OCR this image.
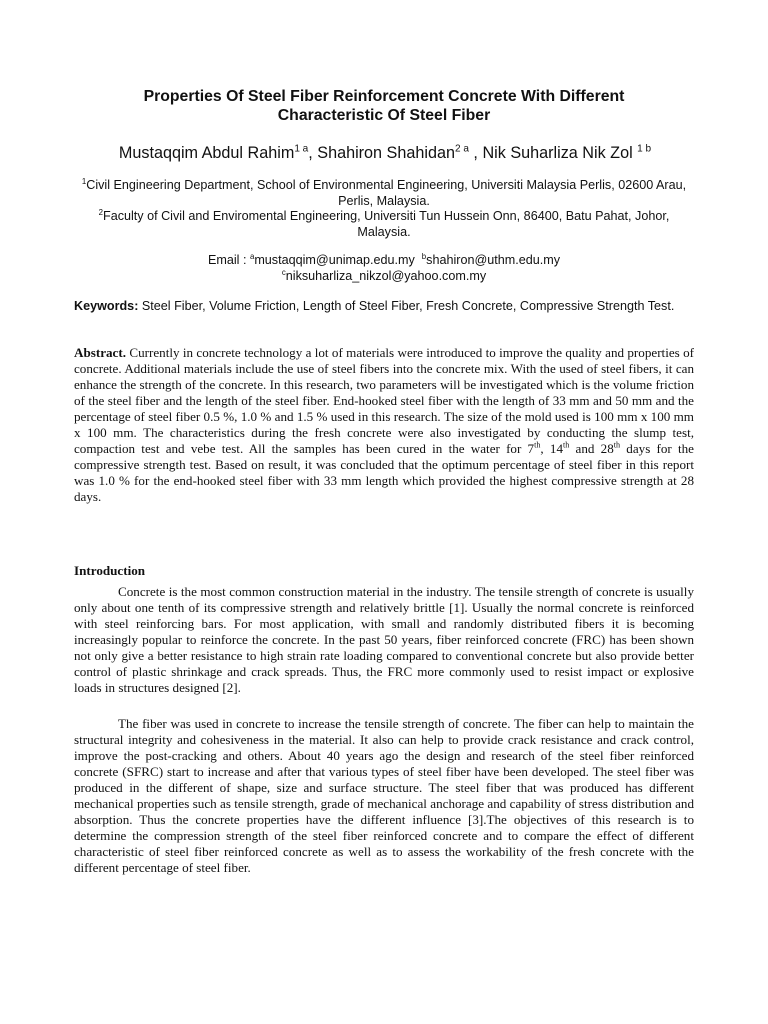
Properties Of Steel Fiber Reinforcement Concrete With Different
Characteristic Of Steel Fiber
Mustaqqim Abdul Rahim$^{1 a}$, Shahiron Shahidan$^{2 a}$ , Nik Suharliza Nik Zol $^{1 b}$
$^1$Civil Engineering Department, School of Environmental Engineering, Universiti Malaysia Perlis, 02600 Arau, Perlis, Malaysia.
$^2$Faculty of Civil and Enviromental Engineering, Universiti Tun Hussein Onn, 86400, Batu Pahat, Johor, Malaysia.
Email : $^a$mustaqqim@unimap.edu.my $^b$shahiron@uthm.edu.my
$^c$niksuharliza_nikzol@yahoo.com.my
Keywords: Steel Fiber, Volume Friction, Length of Steel Fiber, Fresh Concrete, Compressive Strength Test.
Abstract. Currently in concrete technology a lot of materials were introduced to improve the quality and properties of concrete. Additional materials include the use of steel fibers into the concrete mix. With the used of steel fibers, it can enhance the strength of the concrete. In this research, two parameters will be investigated which is the volume friction of the steel fiber and the length of the steel fiber. End-hooked steel fiber with the length of 33 mm and 50 mm and the percentage of steel fiber 0.5 %, 1.0 % and 1.5 % used in this research. The size of the mold used is 100 mm x 100 mm x 100 mm. The characteristics during the fresh concrete were also investigated by conducting the slump test, compaction test and vebe test. All the samples has been cured in the water for 7th, 14th and 28th days for the compressive strength test. Based on result, it was concluded that the optimum percentage of steel fiber in this report was 1.0 % for the end-hooked steel fiber with 33 mm length which provided the highest compressive strength at 28 days.
Introduction
Concrete is the most common construction material in the industry. The tensile strength of concrete is usually only about one tenth of its compressive strength and relatively brittle [1]. Usually the normal concrete is reinforced with steel reinforcing bars. For most application, with small and randomly distributed fibers it is becoming increasingly popular to reinforce the concrete. In the past 50 years, fiber reinforced concrete (FRC) has been shown not only give a better resistance to high strain rate loading compared to conventional concrete but also provide better control of plastic shrinkage and crack spreads. Thus, the FRC more commonly used to resist impact or explosive loads in structures designed [2].
The fiber was used in concrete to increase the tensile strength of concrete. The fiber can help to maintain the structural integrity and cohesiveness in the material. It also can help to provide crack resistance and crack control, improve the post-cracking and others. About 40 years ago the design and research of the steel fiber reinforced concrete (SFRC) start to increase and after that various types of steel fiber have been developed. The steel fiber was produced in the different of shape, size and surface structure. The steel fiber that was produced has different mechanical properties such as tensile strength, grade of mechanical anchorage and capability of stress distribution and absorption. Thus the concrete properties have the different influence [3].The objectives of this research is to determine the compression strength of the steel fiber reinforced concrete and to compare the effect of different characteristic of steel fiber reinforced concrete as well as to assess the workability of the fresh concrete with the different percentage of steel fiber.
